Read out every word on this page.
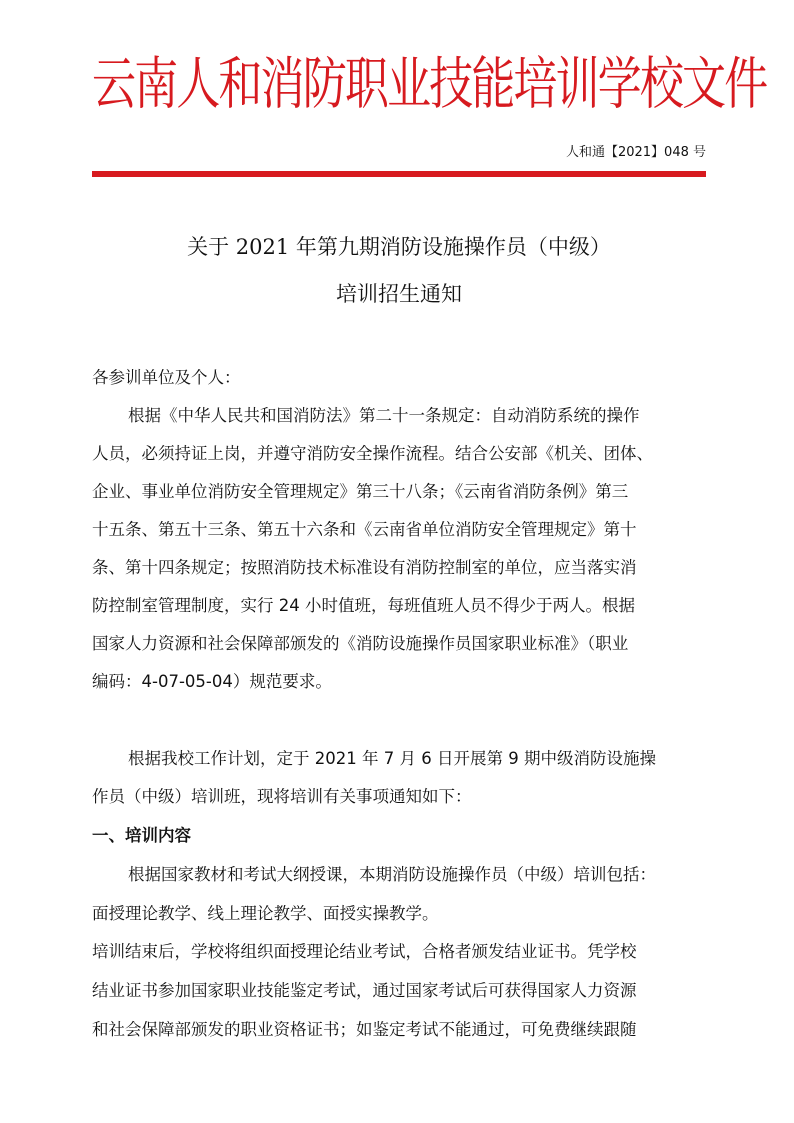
云南人和消防职业技能培训学校文件
人和通【2021】048 号
关于 2021 年第九期消防设施操作员（中级）
培训招生通知
各参训单位及个人：
根据《中华人民共和国消防法》第二十一条规定：自动消防系统的操作
人员，必须持证上岗，并遵守消防安全操作流程。结合公安部《机关、团体、
企业、事业单位消防安全管理规定》第三十八条；《云南省消防条例》第三
十五条、第五十三条、第五十六条和《云南省单位消防安全管理规定》第十
条、第十四条规定；按照消防技术标准设有消防控制室的单位，应当落实消
防控制室管理制度，实行 24 小时值班，每班值班人员不得少于两人。根据
国家人力资源和社会保障部颁发的《消防设施操作员国家职业标准》（职业
编码：4-07-05-04）规范要求。
根据我校工作计划，定于 2021 年 7 月 6 日开展第 9 期中级消防设施操
作员（中级）培训班，现将培训有关事项通知如下：
一、培训内容
根据国家教材和考试大纲授课，本期消防设施操作员（中级）培训包括：
面授理论教学、线上理论教学、面授实操教学。
培训结束后，学校将组织面授理论结业考试，合格者颁发结业证书。凭学校
结业证书参加国家职业技能鉴定考试，通过国家考试后可获得国家人力资源
和社会保障部颁发的职业资格证书；如鉴定考试不能通过，可免费继续跟随
